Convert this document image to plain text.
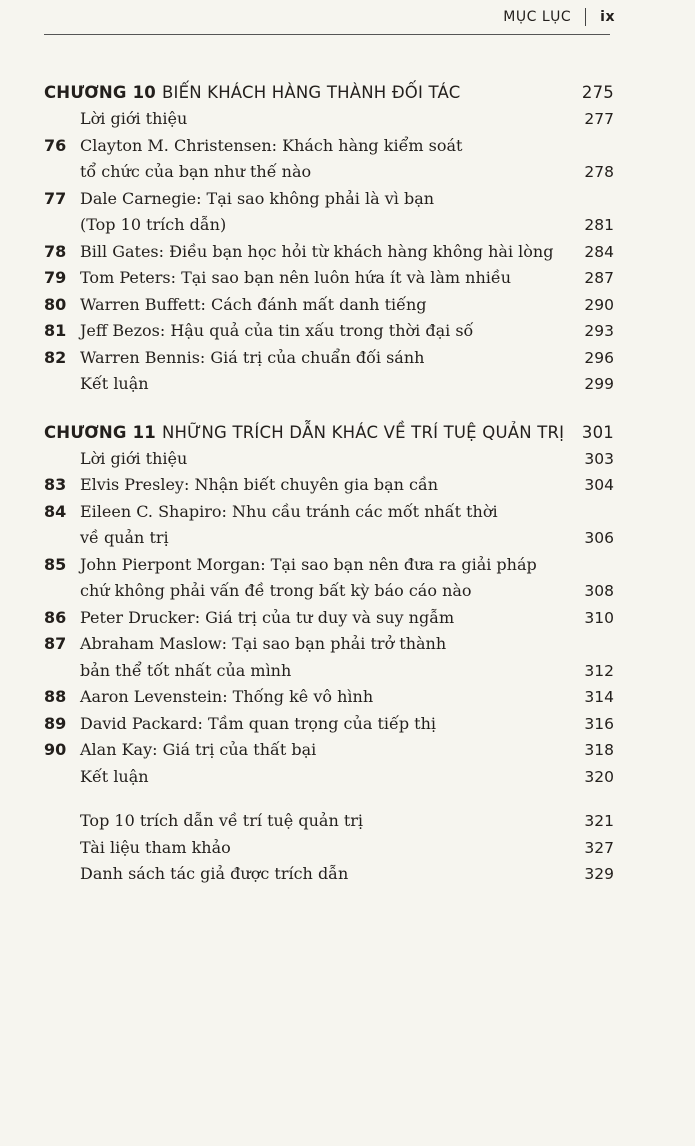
MỤC LỤC ix
CHƯƠNG 10 BIẾN KHÁCH HÀNG THÀNH ĐỐI TÁC	275
Lời giới thiệu	277
76 Clayton M. Christensen: Khách hàng kiểm soát
tổ chức của bạn như thế nào	278
77 Dale Carnegie: Tại sao không phải là vì bạn
(Top 10 trích dẫn)	281
78 Bill Gates: Điều bạn học hỏi từ khách hàng không hài lòng 284
79 Tom Peters: Tại sao bạn nên luôn hứa ít và làm nhiều	287
80 Warren Buffett: Cách đánh mất danh tiếng	290
81 Jeff Bezos: Hậu quả của tin xấu trong thời đại số	293
82 Warren Bennis: Giá trị của chuẩn đối sánh	296
Kết luận	299
CHƯƠNG 11 NHỮNG TRÍCH DẪN KHÁC VỀ TRÍ TUỆ QUẢN TRỊ 301
Lời giới thiệu	303
83 Elvis Presley: Nhận biết chuyên gia bạn cần	304
84 Eileen C. Shapiro: Nhu cầu tránh các mốt nhất thời
về quản trị	306
85 John Pierpont Morgan: Tại sao bạn nên đưa ra giải pháp
chứ không phải vấn đề trong bất kỳ báo cáo nào	308
86 Peter Drucker: Giá trị của tư duy và suy ngẫm	310
87 Abraham Maslow: Tại sao bạn phải trở thành
bản thể tốt nhất của mình	312
88 Aaron Levenstein: Thống kê vô hình	314
89 David Packard: Tầm quan trọng của tiếp thị	316
90 Alan Kay: Giá trị của thất bại	318
Kết luận	320
Top 10 trích dẫn về trí tuệ quản trị	321
Tài liệu tham khảo	327
Danh sách tác giả được trích dẫn	329
